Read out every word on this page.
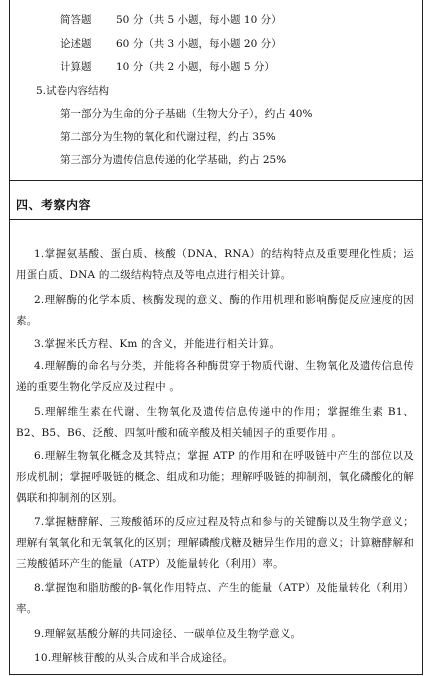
简答题 50 分（共 5 小题，每小题 10 分）
论述题 60 分（共 3 小题，每小题 20 分）
计算题 10 分（共 2 小题，每小题 5 分）
5.试卷内容结构
第一部分为生命的分子基础（生物大分子），约占 40%
第二部分为生物的氧化和代谢过程，约占 35%
第三部分为遗传信息传递的化学基础，约占 25%
四、考察内容
1.掌握氨基酸、蛋白质、核酸（DNA、RNA）的结构特点及重要理化性质；运用蛋白质、DNA 的二级结构特点及等电点进行相关计算。
2.理解酶的化学本质、核酶发现的意义、酶的作用机理和影响酶促反应速度的因素。
3.掌握米氏方程、Km 的含义，并能进行相关计算。
4.理解酶的命名与分类，并能将各种酶贯穿于物质代谢、生物氧化及遗传信息传递的重要生物化学反应及过程中 。
5.理解维生素在代谢、生物氧化及遗传信息传递中的作用；掌握维生素 B1、B2、B5、B6、泛酸、四氢叶酸和硫辛酸及相关辅因子的重要作用 。
6.理解生物氧化概念及其特点；掌握 ATP 的作用和在呼吸链中产生的部位以及形成机制；掌握呼吸链的概念、组成和功能；理解呼吸链的抑制剂，氧化磷酸化的解偶联和抑制剂的区别。
7.掌握糖酵解、三羧酸循环的反应过程及特点和参与的关键酶以及生物学意义；理解有氧氧化和无氧氧化的区别；理解磷酸戊糖及糖异生作用的意义；计算糖酵解和三羧酸循环产生的能量（ATP）及能量转化（利用）率。
8.掌握饱和脂肪酸的β-氧化作用特点、产生的能量（ATP）及能量转化（利用）率。
9.理解氨基酸分解的共同途径、一碳单位及生物学意义。
10.理解核苷酸的从头合成和半合成途径。
